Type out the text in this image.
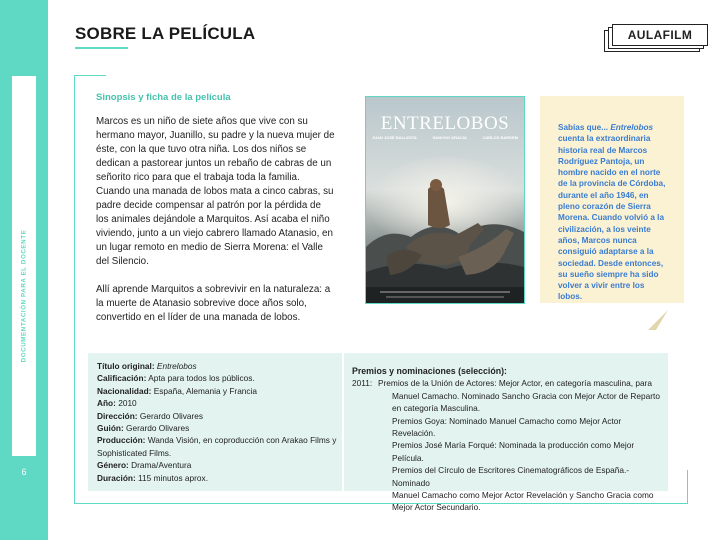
DOCUMENTACIÓN PARA EL DOCENTE
6
SOBRE LA PELÍCULA	AULAFILM
Sinopsis y ficha de la película

Marcos es un niño de siete años que vive con su hermano mayor, Juanillo, su padre y la nueva mujer de éste, con la que tuvo otra niña. Los dos niños se dedican a pastorear juntos un rebaño de cabras de un señorito rico para que el trabaja toda la familia. Cuando una manada de lobos mata a cinco cabras, su padre decide compensar al patrón por la pérdida de los animales dejándole a Marquitos. Así acaba el niño viviendo, junto a un viejo cabrero llamado Atanasio, en un lugar remoto en medio de Sierra Morena: el Valle del Silencio.

Allí aprende Marquitos a sobrevivir en la naturaleza: a la muerte de Atanasio sobrevive doce años solo, convertido en el líder de una manada de lobos.

ENTRELOBOS
JUAN JOSÉ BALLESTA	SANCHO GRACIA	CARLOS BARDEM
Sabías que... Entrelobos cuenta la extraordinaria historia real de Marcos Rodríguez Pantoja, un hombre nacido en el norte de la provincia de Córdoba, durante el año 1946, en pleno corazón de Sierra Morena. Cuando volvió a la civilización, a los veinte años, Marcos nunca consiguió adaptarse a la sociedad. Desde entonces, su sueño siempre ha sido volver a vivir entre los lobos.
Título original: Entrelobos
Calificación: Apta para todos los públicos.
Nacionalidad: España, Alemania y Francia
Año: 2010
Dirección: Gerardo Olivares
Guión: Gerardo Olivares
Producción: Wanda Visión, en coproducción con Arakao Films y Sophisticated Films.
Género: Drama/Aventura
Duración: 115 minutos aprox.
Premios y nominaciones (selección):
2011: Premios de la Unión de Actores: Mejor Actor, en categoría masculina, para
Manuel Camacho. Nominado Sancho Gracia con Mejor Actor de Reparto en categoría Masculina.
Premios Goya: Nominado Manuel Camacho como Mejor Actor Revelación.
Premios José María Forqué: Nominada la producción como Mejor Película.
Premios del Círculo de Escritores Cinematográficos de España.- Nominado
Manuel Camacho como Mejor Actor Revelación y Sancho Gracia como Mejor Actor Secundario.
